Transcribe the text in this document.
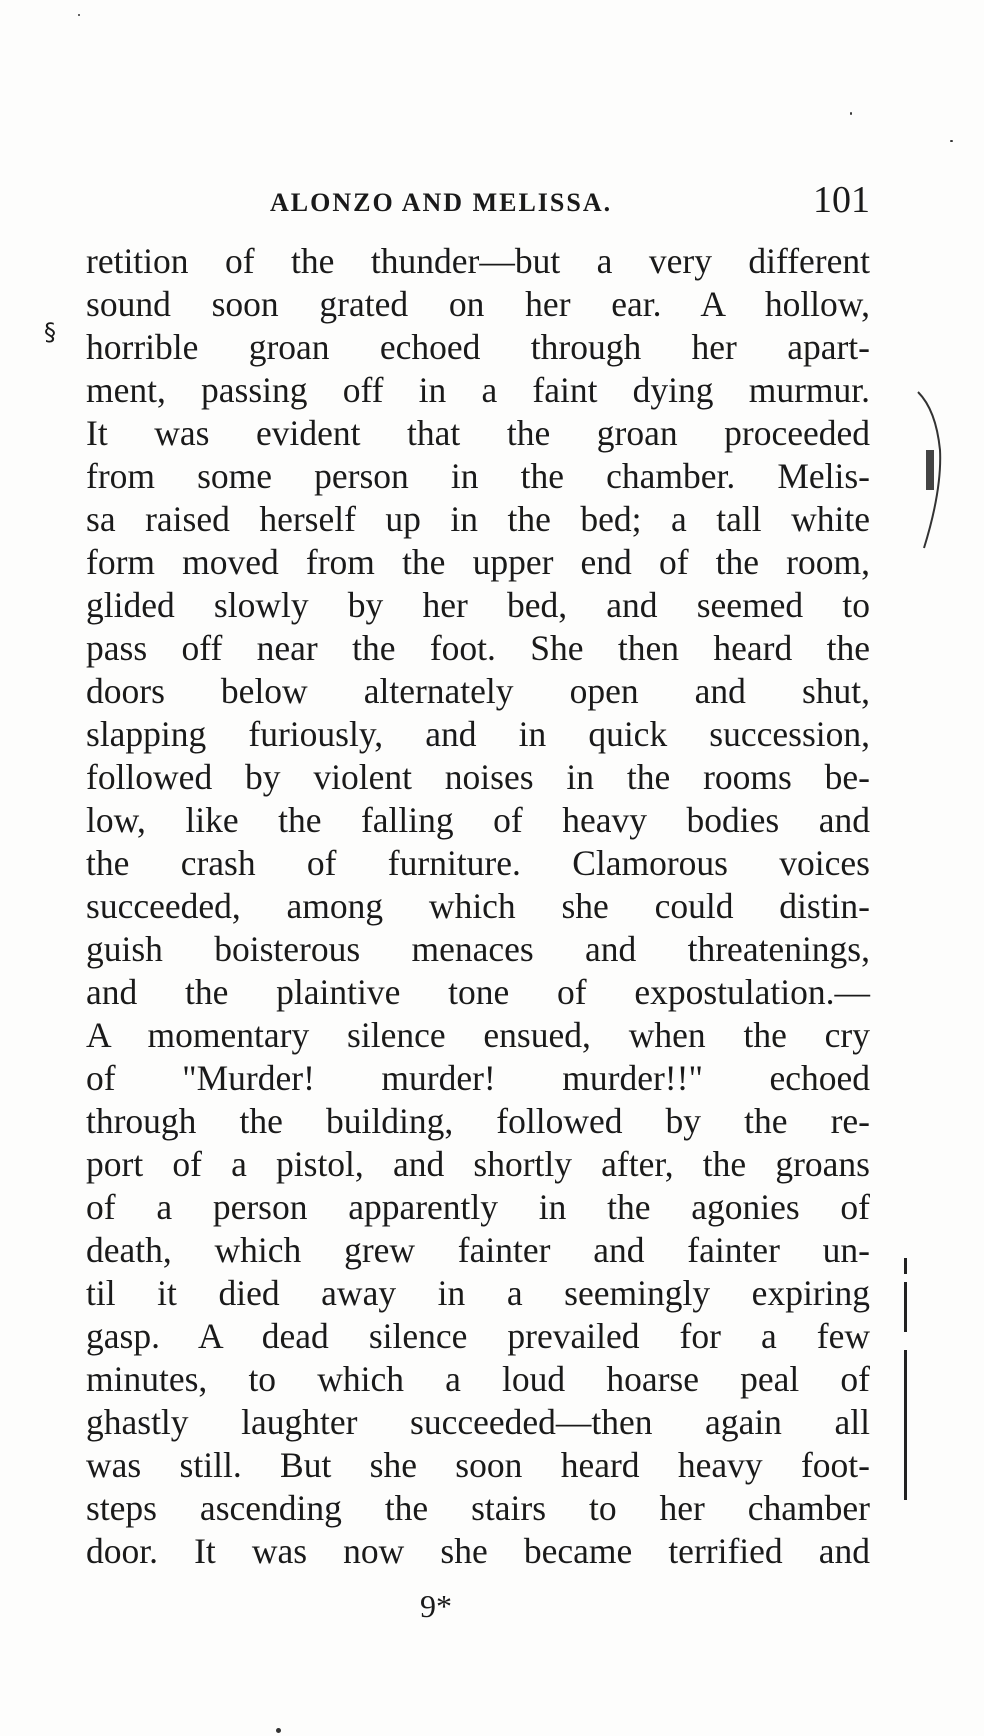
ALONZO AND MELISSA.	101
§
retition of the thunder—but a very different
sound soon grated on her ear. A hollow,
horrible groan echoed through her apart-
ment, passing off in a faint dying murmur.
It was evident that the groan proceeded
from some person in the chamber. Melis-
sa raised herself up in the bed; a tall white
form moved from the upper end of the room,
glided slowly by her bed, and seemed to
pass off near the foot. She then heard the
doors below alternately open and shut,
slapping furiously, and in quick succession,
followed by violent noises in the rooms be-
low, like the falling of heavy bodies and
the crash of furniture. Clamorous voices
succeeded, among which she could distin-
guish boisterous menaces and threatenings,
and the plaintive tone of expostulation.—
A momentary silence ensued, when the cry
of "Murder! murder! murder!!" echoed
through the building, followed by the re-
port of a pistol, and shortly after, the groans
of a person apparently in the agonies of
death, which grew fainter and fainter un-
til it died away in a seemingly expiring
gasp. A dead silence prevailed for a few
minutes, to which a loud hoarse peal of
ghastly laughter succeeded—then again all
was still. But she soon heard heavy foot-
steps ascending the stairs to her chamber
door. It was now she became terrified and
9*
